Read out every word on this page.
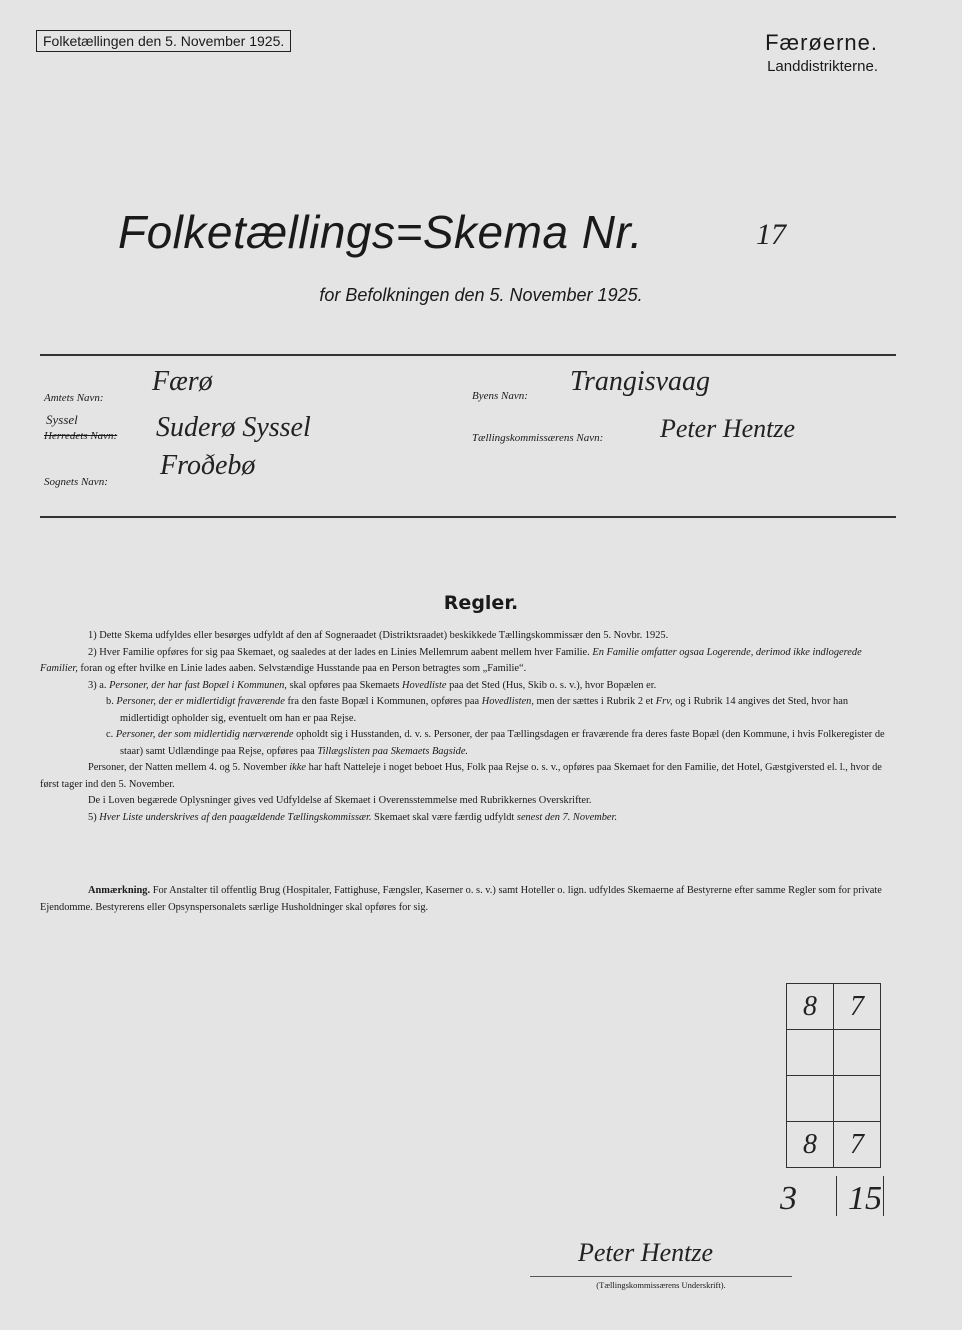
Folketællingen den 5. November 1925.	Færøerne.
Landdistrikterne.
Folketællings=Skema Nr.	17
for Befolkningen den 5. November 1925.
Amtets Navn:
Færø
Herredets Navn:
Syssel	Suderø Syssel
Sognets Navn:
Froðebø
Byens Navn: Trangisvaag
Tællingskommissærens Navn: Peter Hentze
Regler.

1) Dette Skema udfyldes eller besørges udfyldt af den af Sogneraadet (Distriktsraadet) beskikkede Tællingskommissær den 5. Novbr. 1925.

2) Hver Familie opføres for sig paa Skemaet, og saaledes at der lades en Linies Mellemrum aabent mellem hver Familie. En Familie omfatter ogsaa Logerende, derimod ikke indlogerede Familier, foran og efter hvilke en Linie lades aaben. Selvstændige Husstande paa en Person betragtes som „Familie“.

3) a. Personer, der har fast Bopæl i Kommunen, skal opføres paa Skemaets Hovedliste paa det Sted (Hus, Skib o. s. v.), hvor Bopælen er.

b. Personer, der er midlertidigt fraværende fra den faste Bopæl i Kommunen, opføres paa Hovedlisten, men der sættes i Rubrik 2 et Frv, og i Rubrik 14 angives det Sted, hvor han midlertidigt opholder sig, eventuelt om han er paa Rejse.

c. Personer, der som midlertidig nærværende opholdt sig i Husstanden, d. v. s. Personer, der paa Tællingsdagen er fraværende fra deres faste Bopæl (den Kommune, i hvis Folkeregister de staar) samt Udlændinge paa Rejse, opføres paa Tillægslisten paa Skemaets Bagside.

Personer, der Natten mellem 4. og 5. November ikke har haft Natteleje i noget beboet Hus, Folk paa Rejse o. s. v., opføres paa Skemaet for den Familie, det Hotel, Gæstgiversted el. l., hvor de først tager ind den 5. November.

De i Loven begærede Oplysninger gives ved Udfyldelse af Skemaet i Overensstemmelse med Rubrikkernes Overskrifter.

5) Hver Liste underskrives af den paagældende Tællingskommissær. Skemaet skal være færdig udfyldt senest den 7. November.

Anmærkning. For Anstalter til offentlig Brug (Hospitaler, Fattighuse, Fængsler, Kaserner o. s. v.) samt Hoteller o. lign. udfyldes Skemaerne af Bestyrerne efter samme Regler som for private Ejendomme. Bestyrerens eller Opsynspersonalets særlige Husholdninger skal opføres for sig.
8	7

8	7
3 15
Peter Hentze
(Tællingskommissærens Underskrift).
